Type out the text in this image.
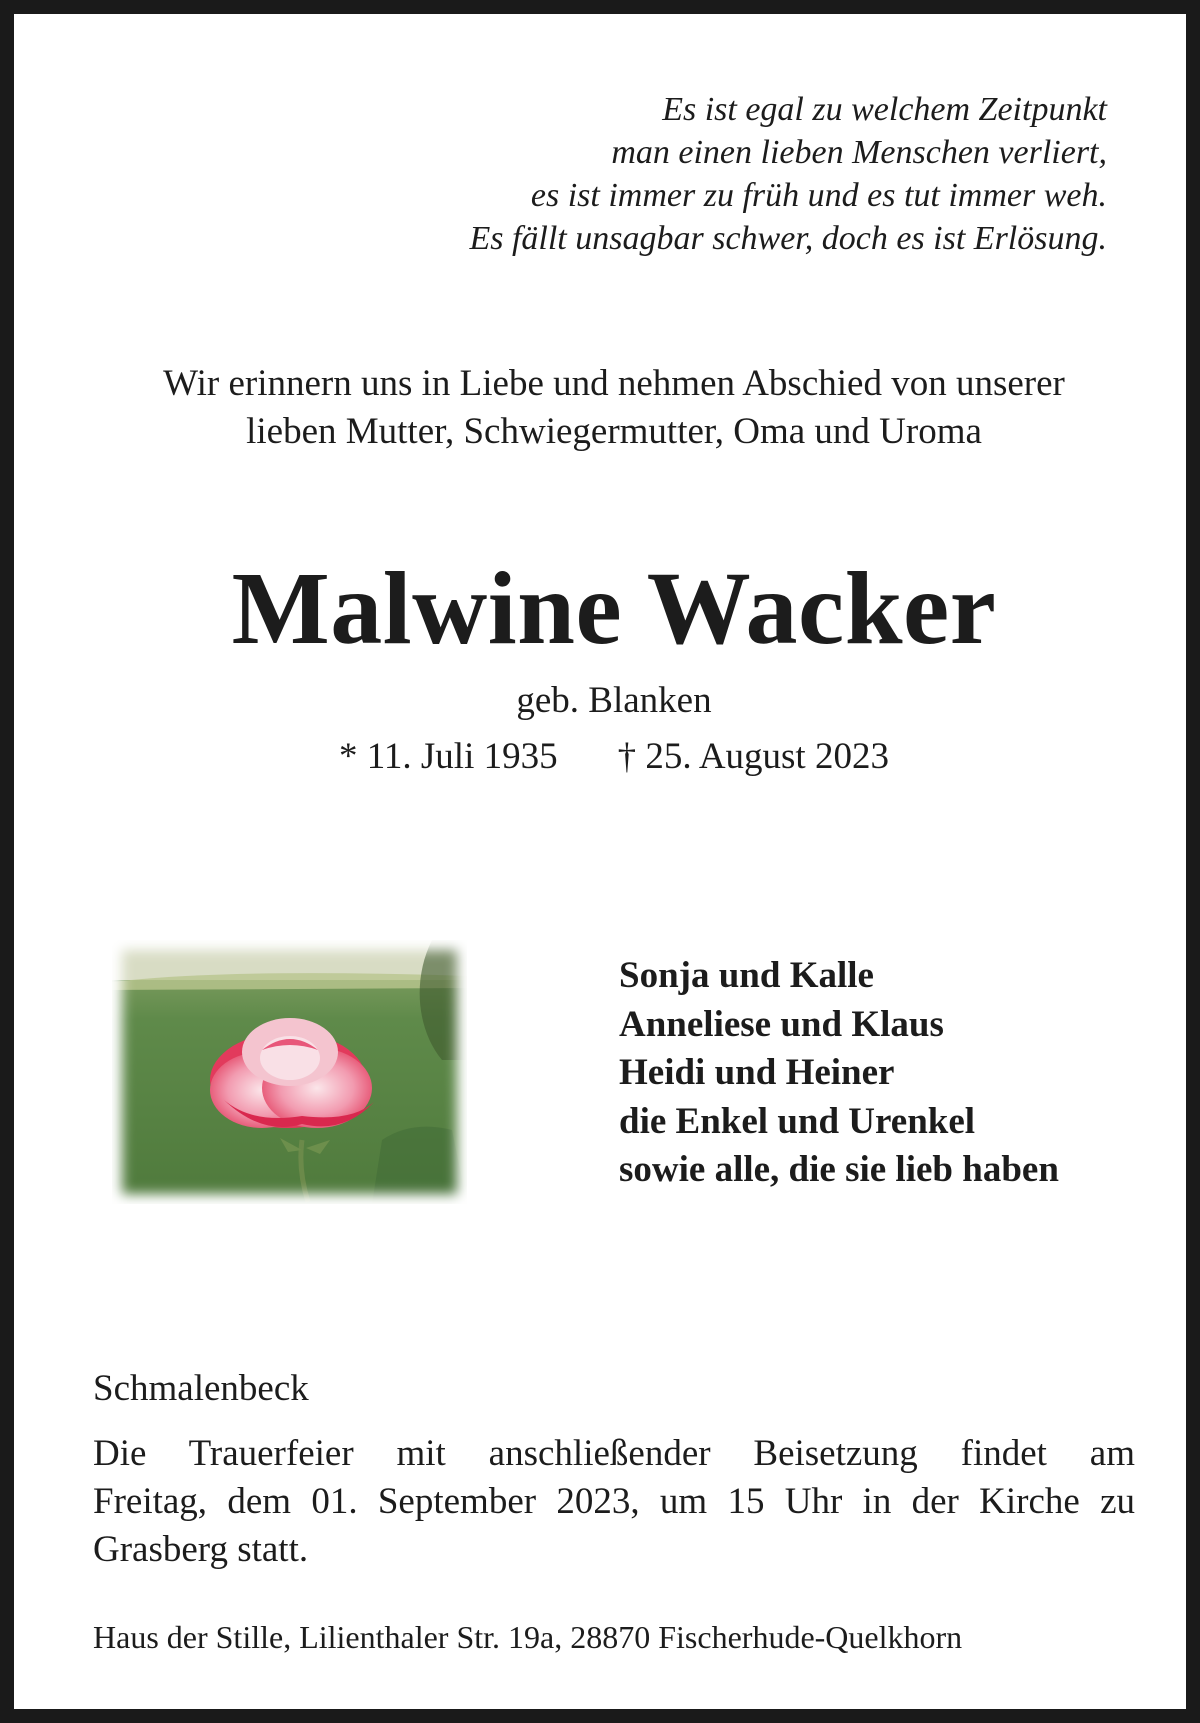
Es ist egal zu welchem Zeitpunkt
man einen lieben Menschen verliert,
es ist immer zu früh und es tut immer weh.
Es fällt unsagbar schwer, doch es ist Erlösung.
Wir erinnern uns in Liebe und nehmen Abschied von unserer
lieben Mutter, Schwiegermutter, Oma und Uroma
Malwine Wacker
geb. Blanken
* 11. Juli 1935 † 25. August 2023
Sonja und Kalle
Anneliese und Klaus
Heidi und Heiner
die Enkel und Urenkel
sowie alle, die sie lieb haben
Schmalenbeck
Die Trauerfeier mit anschließender Beisetzung findet am
Freitag, dem 01. September 2023, um 15 Uhr in der Kirche zu
Grasberg statt.
Haus der Stille, Lilienthaler Str. 19a, 28870 Fischerhude-Quelkhorn
